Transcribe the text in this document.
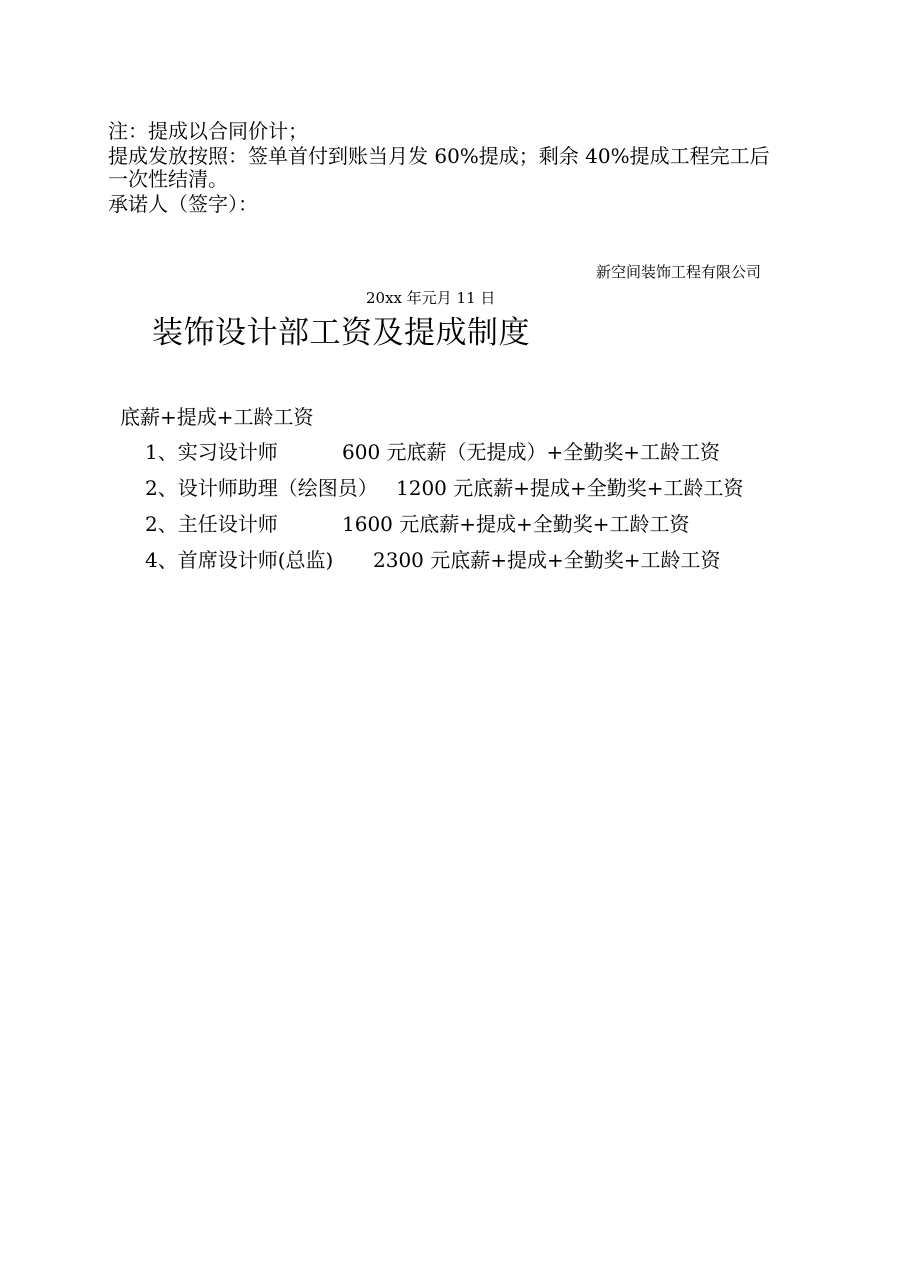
注：提成以合同价计；
提成发放按照：签单首付到账当月发 60%提成；剩余 40%提成工程完工后
一次性结清。
承诺人（签字）：
新空间装饰工程有限公司
20xx 年元月 11 日
装饰设计部工资及提成制度
底薪+提成+工龄工资
1、实习设计师	600 元底薪（无提成）+全勤奖+工龄工资
2、设计师助理（绘图员） 1200 元底薪+提成+全勤奖+工龄工资
2、主任设计师	1600 元底薪+提成+全勤奖+工龄工资
4、首席设计师(总监) 2300 元底薪+提成+全勤奖+工龄工资
